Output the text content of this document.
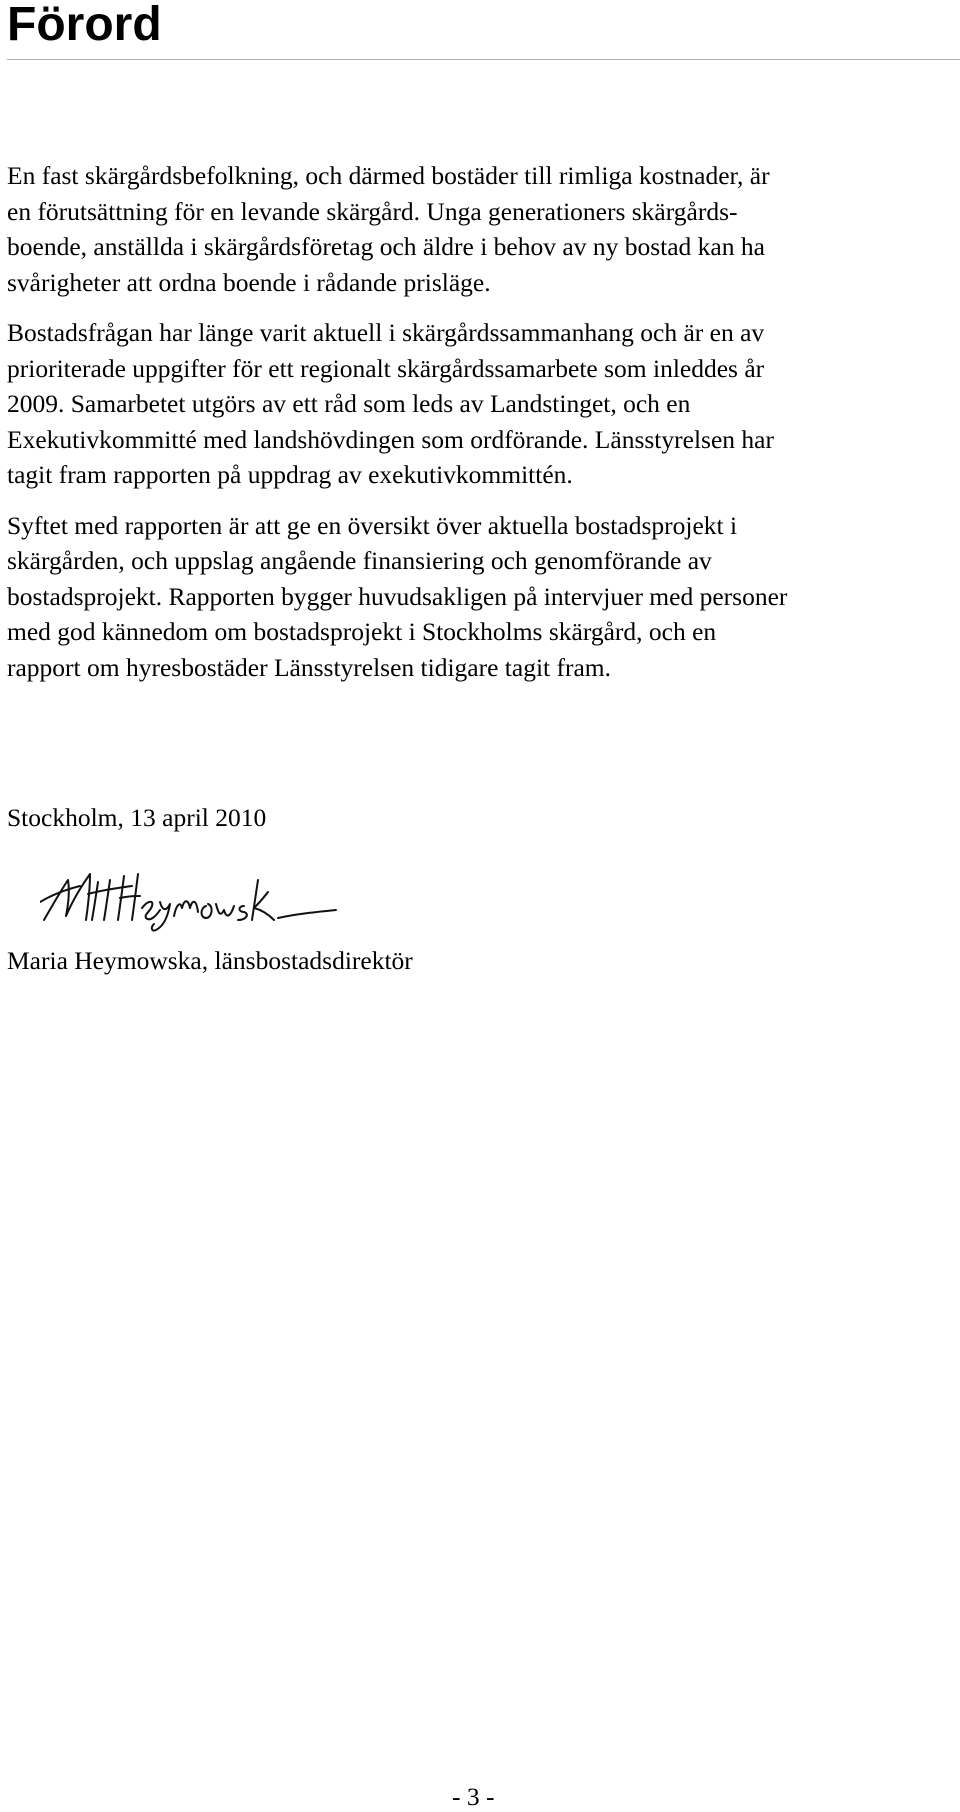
Förord

En fast skärgårdsbefolkning, och därmed bostäder till rimliga kostnader, är
en förutsättning för en levande skärgård. Unga generationers skärgårds-
boende, anställda i skärgårdsföretag och äldre i behov av ny bostad kan ha
svårigheter att ordna boende i rådande prisläge.

Bostadsfrågan har länge varit aktuell i skärgårdssammanhang och är en av
prioriterade uppgifter för ett regionalt skärgårdssamarbete som inleddes år
2009. Samarbetet utgörs av ett råd som leds av Landstinget, och en
Exekutivkommitté med landshövdingen som ordförande. Länsstyrelsen har
tagit fram rapporten på uppdrag av exekutivkommittén.

Syftet med rapporten är att ge en översikt över aktuella bostadsprojekt i
skärgården, och uppslag angående finansiering och genomförande av
bostadsprojekt. Rapporten bygger huvudsakligen på intervjuer med personer
med god kännedom om bostadsprojekt i Stockholms skärgård, och en
rapport om hyresbostäder Länsstyrelsen tidigare tagit fram.

Stockholm, 13 april 2010
Maria Heymowska, länsbostadsdirektör
- 3 -
